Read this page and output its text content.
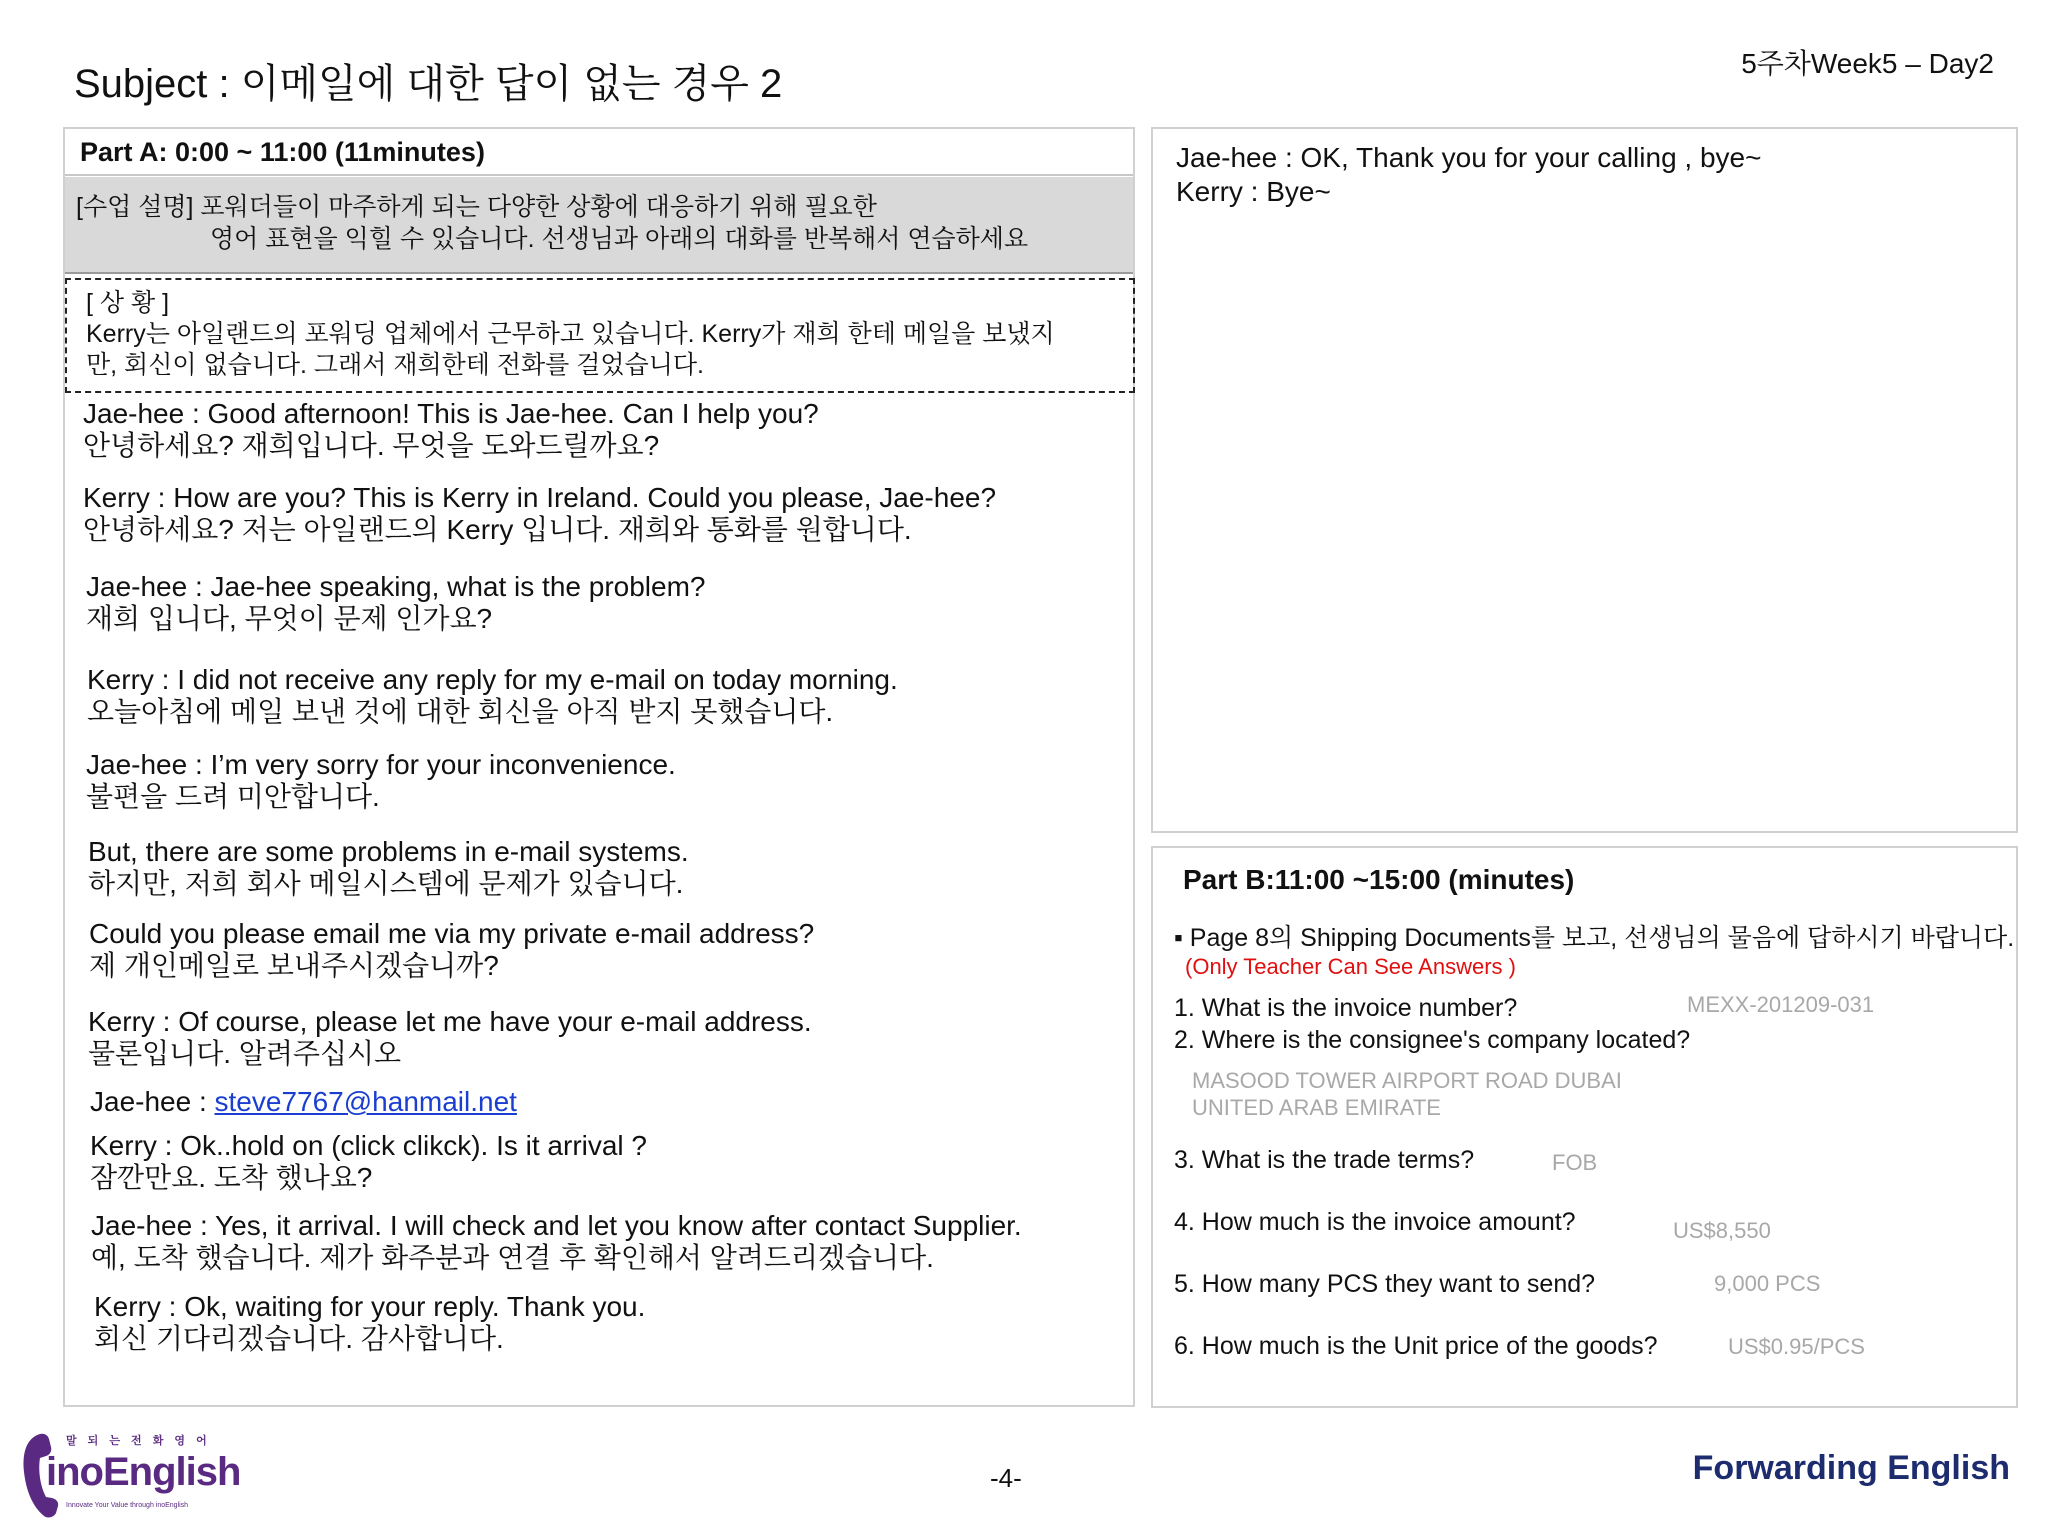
Subject : 이메일에 대한 답이 없는 경우 2	5주차Week5 – Day2
Part A: 0:00 ~ 11:00 (11minutes)
[수업 설명] 포워더들이 마주하게 되는 다양한 상황에 대응하기 위해 필요한
영어 표현을 익힐 수 있습니다. 선생님과 아래의 대화를 반복해서 연습하세요
[ 상 황 ]
Kerry는 아일랜드의 포워딩 업체에서 근무하고 있습니다. Kerry가 재희 한테 메일을 보냈지
만, 회신이 없습니다. 그래서 재희한테 전화를 걸었습니다.
Jae-hee : Good afternoon! This is Jae-hee. Can I help you?
안녕하세요? 재희입니다. 무엇을 도와드릴까요?
Kerry : How are you? This is Kerry in Ireland. Could you please, Jae-hee?
안녕하세요? 저는 아일랜드의 Kerry 입니다. 재희와 통화를 원합니다.
Jae-hee : Jae-hee speaking, what is the problem?
재희 입니다, 무엇이 문제 인가요?
Kerry : I did not receive any reply for my e-mail on today morning.
오늘아침에 메일 보낸 것에 대한 회신을 아직 받지 못했습니다.
Jae-hee : I’m very sorry for your inconvenience.
불편을 드려 미안합니다.
But, there are some problems in e-mail systems.
하지만, 저희 회사 메일시스템에 문제가 있습니다.
Could you please email me via my private e-mail address?
제 개인메일로 보내주시겠습니까?
Kerry : Of course, please let me have your e-mail address.
물론입니다. 알려주십시오
Jae-hee : steve7767@hanmail.net
Kerry : Ok..hold on (click clikck). Is it arrival ?
잠깐만요. 도착 했나요?
Jae-hee : Yes, it arrival. I will check and let you know after contact Supplier.
예, 도착 했습니다. 제가 화주분과 연결 후 확인해서 알려드리겠습니다.
Kerry : Ok, waiting for your reply. Thank you.
회신 기다리겠습니다. 감사합니다.
Jae-hee : OK, Thank you for your calling , bye~
Kerry : Bye~
Part B:11:00 ~15:00 (minutes)
▪ Page 8의 Shipping Documents를 보고, 선생님의 물음에 답하시기 바랍니다.
(Only Teacher Can See Answers )
1. What is the invoice number?	MEXX-201209-031
2. Where is the consignee's company located?
MASOOD TOWER AIRPORT ROAD DUBAI
UNITED ARAB EMIRATE
3. What is the trade terms?	FOB
4. How much is the invoice amount?	US$8,550
5. How many PCS they want to send?	9,000 PCS
6. How much is the Unit price of the goods?	US$0.95/PCS
말 되 는 전 화 영 어
inoEnglish
Innovate Your Value through inoEnglish
-4-	Forwarding English
